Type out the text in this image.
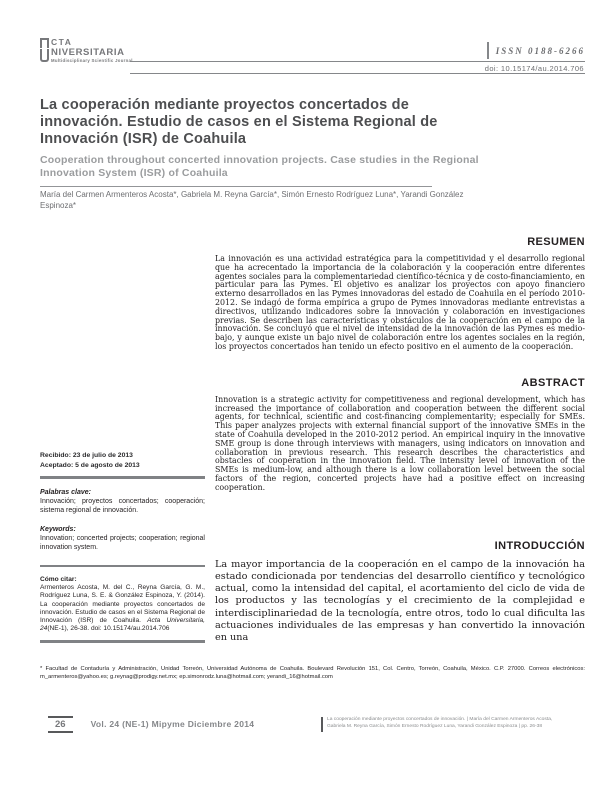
CTA
NIVERSITARIA
Multidisciplinary Scientific Journal
ISSN 0188-6266
doi: 10.15174/au.2014.706
La cooperación mediante proyectos concertados de innovación. Estudio de casos en el Sistema Regional de Innovación (ISR) de Coahuila
Cooperation throughout concerted innovation projects. Case studies in the Regional Innovation System (ISR) of Coahuila

María del Carmen Armenteros Acosta*, Gabriela M. Reyna García*, Simón Ernesto Rodríguez Luna*, Yarandi González Espinoza*

RESUMEN

La innovación es una actividad estratégica para la competitividad y el desarrollo regional que ha acrecentado la importancia de la colaboración y la cooperación entre diferentes agentes sociales para la complementariedad científico-técnica y de costo-financiamiento, en particular para las Pymes. El objetivo es analizar los proyectos con apoyo financiero externo desarrollados en las Pymes innovadoras del estado de Coahuila en el período 2010-2012. Se indagó de forma empírica a grupo de Pymes innovadoras mediante entrevistas a directivos, utilizando indicadores sobre la innovación y colaboración en investigaciones previas. Se describen las características y obstáculos de la cooperación en el campo de la innovación. Se concluyó que el nivel de intensidad de la innovación de las Pymes es medio-bajo, y aunque existe un bajo nivel de colaboración entre los agentes sociales en la región, los proyectos concertados han tenido un efecto positivo en el aumento de la cooperación.

ABSTRACT

Innovation is a strategic activity for competitiveness and regional development, which has increased the importance of collaboration and cooperation between the different social agents, for technical, scientific and cost-financing complementarity; especially for SMEs. This paper analyzes projects with external financial support of the innovative SMEs in the state of Coahuila developed in the 2010-2012 period. An empirical inquiry in the innovative SME group is done through interviews with managers, using indicators on innovation and collaboration in previous research. This research describes the characteristics and obstacles of cooperation in the innovation field. The intensity level of innovation of the SMEs is medium-low, and although there is a low collaboration level between the social factors of the region, concerted projects have had a positive effect on increasing cooperation.

INTRODUCCIÓN

La mayor importancia de la cooperación en el campo de la innovación ha estado condicionada por tendencias del desarrollo científico y tecnológico actual, como la intensidad del capital, el acortamiento del ciclo de vida de los productos y las tecnologías y el crecimiento de la complejidad e interdisciplinariedad de la tecnología, entre otros, todo lo cual dificulta las actuaciones individuales de las empresas y han convertido la innovación en una

Recibido: 23 de julio de 2013
Aceptado: 5 de agosto de 2013
Palabras clave:
Innovación; proyectos concertados; cooperación; sistema regional de innovación.
Keywords:
Innovation; concerted projects; cooperation; regional innovation system.
Cómo citar:

Armenteros Acosta, M. del C., Reyna García, G. M., Rodríguez Luna, S. E. & González Espinoza, Y. (2014). La cooperación mediante proyectos concertados de innovación. Estudio de casos en el Sistema Regional de Innovación (ISR) de Coahuila. Acta Universitaria, 24(NE-1), 26-38. doi: 10.15174/au.2014.706

* Facultad de Contaduría y Administración, Unidad Torreón, Universidad Autónoma de Coahuila. Boulevard Revolución 151, Col. Centro, Torreón, Coahuila, México. C.P. 27000. Correos electrónicos: m_armenteros@yahoo.es; g.reynag@prodigy.net.mx; ep.simonrodz.luna@hotmail.com; yerandi_16@hotmail.com

26	Vol. 24 (NE-1) Mipyme Diciembre 2014	La cooperación mediante proyectos concertados de innovación. | María del Carmen Armenteros Acosta,
Gabriela M. Reyna García, Simón Ernesto Rodríguez Luna, Yarandi González Espinoza | pp. 26-38
